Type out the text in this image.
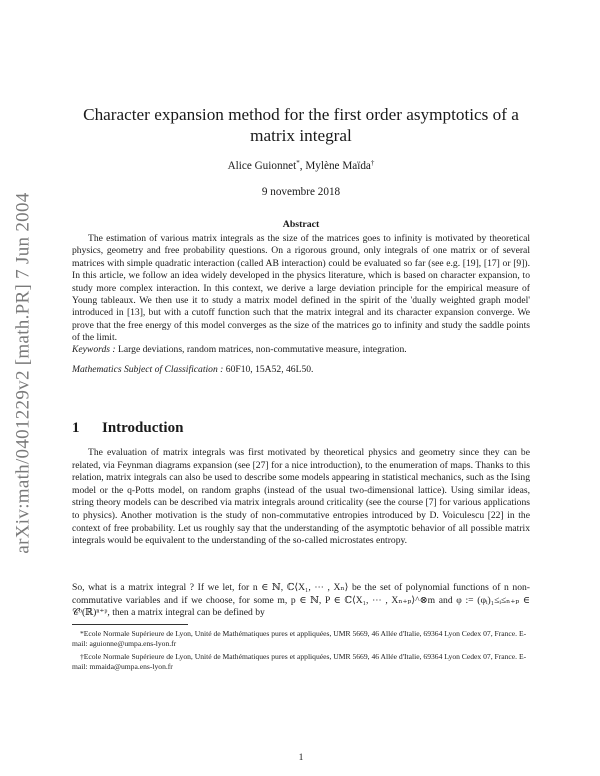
arXiv:math/0401229v2 [math.PR] 7 Jun 2004
Character expansion method for the first order asymptotics of a matrix integral
Alice Guionnet*, Mylène Maïda†
9 novembre 2018
Abstract

The estimation of various matrix integrals as the size of the matrices goes to infinity is motivated by theoretical physics, geometry and free probability questions. On a rigorous ground, only integrals of one matrix or of several matrices with simple quadratic interaction (called AB interaction) could be evaluated so far (see e.g. [19], [17] or [9]). In this article, we follow an idea widely developed in the physics literature, which is based on character expansion, to study more complex interaction. In this context, we derive a large deviation principle for the empirical measure of Young tableaux. We then use it to study a matrix model defined in the spirit of the 'dually weighted graph model' introduced in [13], but with a cutoff function such that the matrix integral and its character expansion converge. We prove that the free energy of this model converges as the size of the matrices go to infinity and study the saddle points of the limit.

Keywords : Large deviations, random matrices, non-commutative measure, integration.
Mathematics Subject of Classification : 60F10, 15A52, 46L50.
1 Introduction

The evaluation of matrix integrals was first motivated by theoretical physics and geometry since they can be related, via Feynman diagrams expansion (see [27] for a nice introduction), to the enumeration of maps. Thanks to this relation, matrix integrals can also be used to describe some models appearing in statistical mechanics, such as the Ising model or the q-Potts model, on random graphs (instead of the usual two-dimensional lattice). Using similar ideas, string theory models can be described via matrix integrals around criticality (see the course [7] for various applications to physics). Another motivation is the study of non-commutative entropies introduced by D. Voiculescu [22] in the context of free probability. Let us roughly say that the understanding of the asymptotic behavior of all possible matrix integrals would be equivalent to the understanding of the so-called microstates entropy.

So, what is a matrix integral ? If we let, for n ∈ ℕ, ℂ⟨X₁, ⋯ , Xₙ⟩ be the set of polynomial functions of n non-commutative variables and if we choose, for some m, p ∈ ℕ, P ∈ ℂ⟨X₁, ⋯ , Xₙ₊ₚ⟩^⊗m and φ := (φᵢ)₁≤ᵢ≤ₙ₊ₚ ∈ 𝒞ᵇ(ℝ)ⁿ⁺ᵖ, then a matrix integral can be defined by

*Ecole Normale Supérieure de Lyon, Unité de Mathématiques pures et appliquées, UMR 5669, 46 Allée d'Italie, 69364 Lyon Cedex 07, France. E-mail: aguionne@umpa.ens-lyon.fr

†Ecole Normale Supérieure de Lyon, Unité de Mathématiques pures et appliquées, UMR 5669, 46 Allée d'Italie, 69364 Lyon Cedex 07, France. E-mail: mmaida@umpa.ens-lyon.fr

1
